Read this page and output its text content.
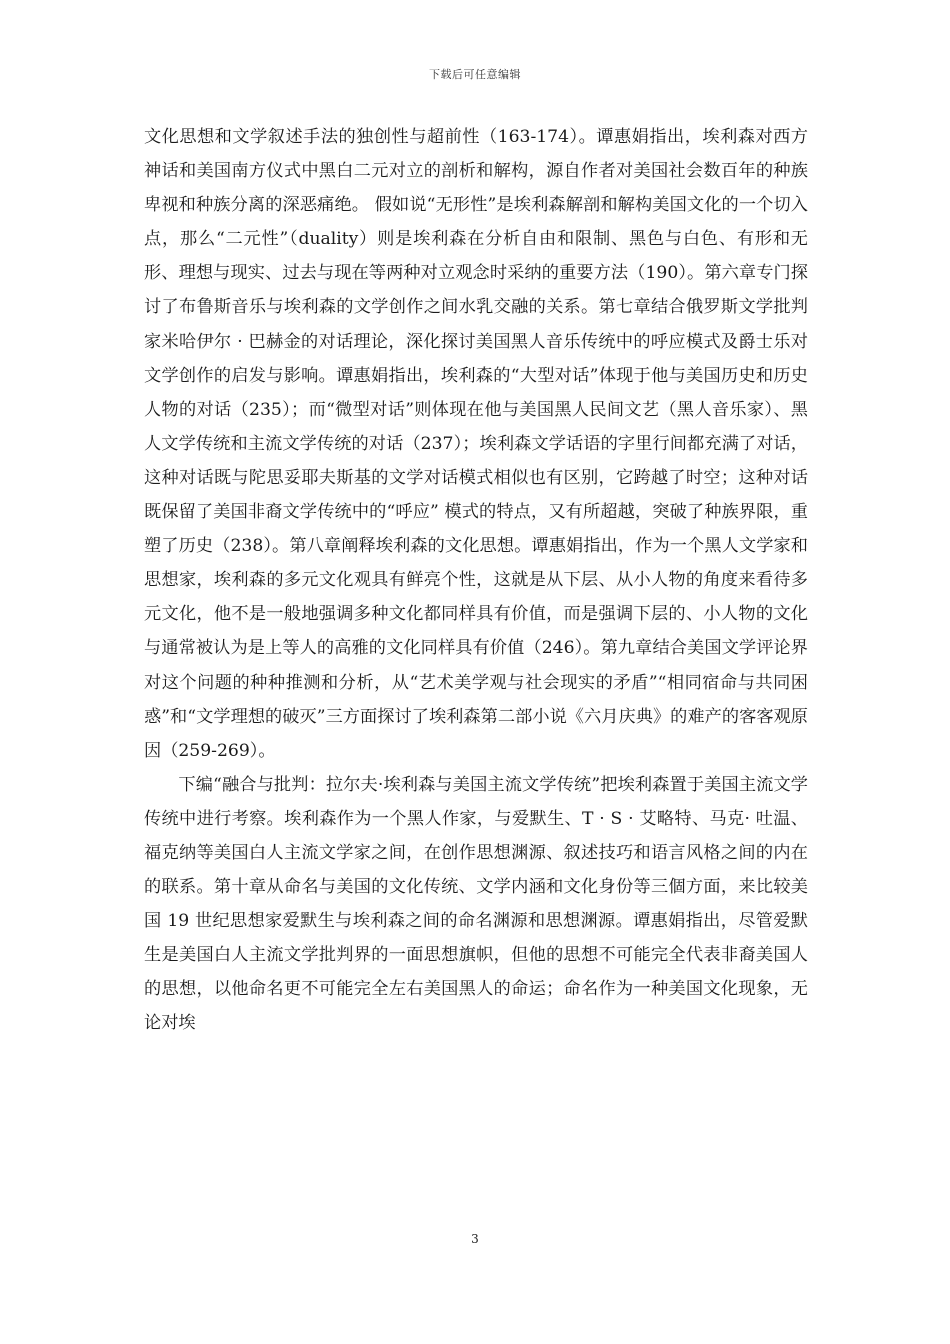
下载后可任意编辑

文化思想和文学叙述手法的独创性与超前性（163-174）。谭惠娟指出，埃利森对西方神话和美国南方仪式中黑白二元对立的剖析和解构，源自作者对美国社会数百年的种族卑视和种族分离的深恶痛绝。 假如说“无形性”是埃利森解剖和解构美国文化的一个切入点，那么“二元性”（duality）则是埃利森在分析自由和限制、黑色与白色、有形和无形、理想与现实、过去与现在等两种对立观念时采纳的重要方法（190）。第六章专门探讨了布鲁斯音乐与埃利森的文学创作之间水乳交融的关系。第七章结合俄罗斯文学批判家米哈伊尔 · 巴赫金的对话理论，深化探讨美国黑人音乐传统中的呼应模式及爵士乐对文学创作的启发与影响。谭惠娟指出，埃利森的“大型对话”体现于他与美国历史和历史人物的对话（235）；而“微型对话”则体现在他与美国黑人民间文艺（黑人音乐家）、黑人文学传统和主流文学传统的对话（237）；埃利森文学话语的字里行间都充满了对话，这种对话既与陀思妥耶夫斯基的文学对话模式相似也有区别，它跨越了时空；这种对话既保留了美国非裔文学传统中的“呼应” 模式的特点，又有所超越，突破了种族界限，重塑了历史（238）。第八章阐释埃利森的文化思想。谭惠娟指出，作为一个黑人文学家和思想家，埃利森的多元文化观具有鲜亮个性，这就是从下层、从小人物的角度来看待多元文化，他不是一般地强调多种文化都同样具有价值，而是强调下层的、小人物的文化与通常被认为是上等人的高雅的文化同样具有价值（246）。第九章结合美国文学评论界对这个问题的种种推测和分析，从“艺术美学观与社会现实的矛盾”“相同宿命与共同困惑”和“文学理想的破灭”三方面探讨了埃利森第二部小说《六月庆典》的难产的客客观原因（259-269）。

下编“融合与批判：拉尔夫·埃利森与美国主流文学传统”把埃利森置于美国主流文学传统中进行考察。埃利森作为一个黑人作家，与爱默生、T · S · 艾略特、马克· 吐温、福克纳等美国白人主流文学家之间，在创作思想渊源、叙述技巧和语言风格之间的内在的联系。第十章从命名与美国的文化传统、文学内涵和文化身份等三個方面，来比较美国 19 世纪思想家爱默生与埃利森之间的命名渊源和思想渊源。谭惠娟指出，尽管爱默生是美国白人主流文学批判界的一面思想旗帜，但他的思想不可能完全代表非裔美国人的思想，以他命名更不可能完全左右美国黑人的命运；命名作为一种美国文化现象，无论对埃

3
